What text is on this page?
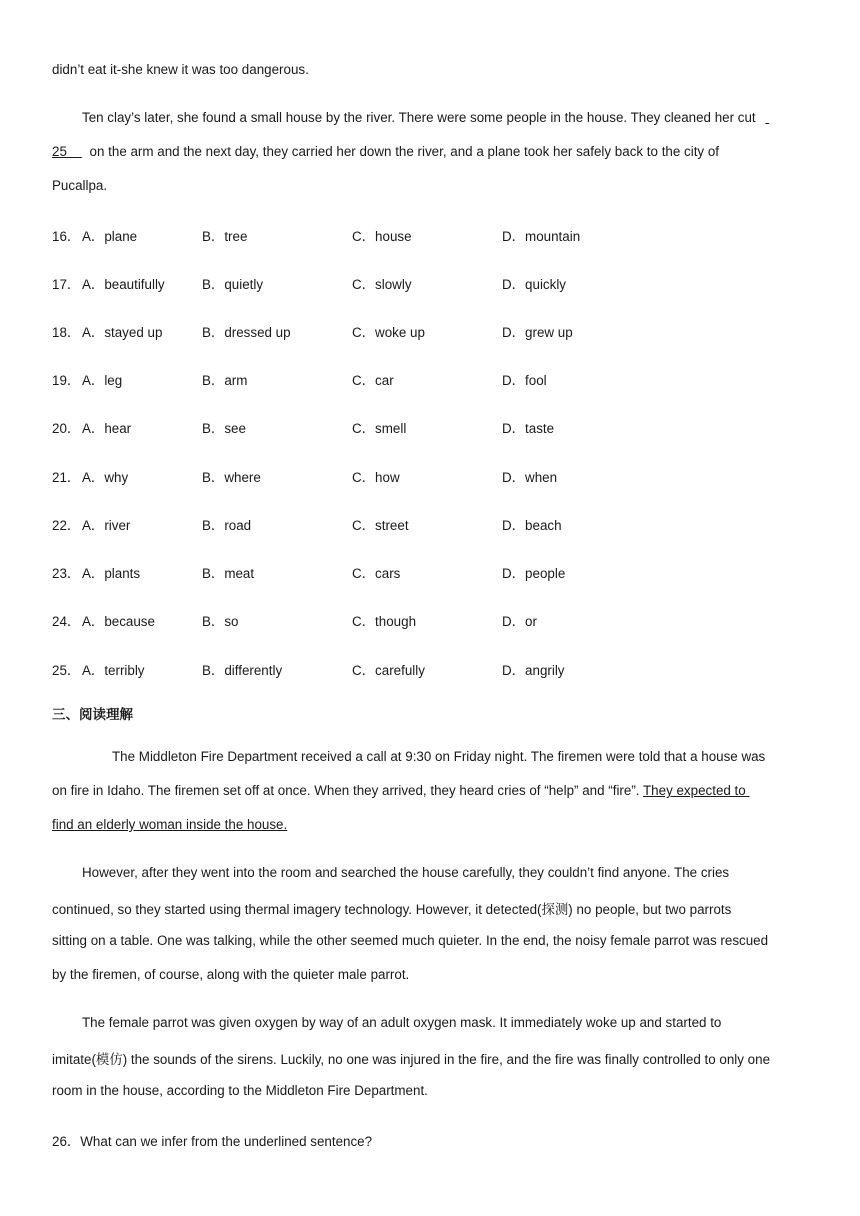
didn’t eat it-she knew it was too dangerous.
Ten clay’s later, she found a small house by the river. There were some people in the house. They cleaned her cut
25 on the arm and the next day, they carried her down the river, and a plane took her safely back to the city of
Pucallpa.
16． A．plane	B．tree	C．house	D．mountain
17． A．beautifully	B．quietly	C．slowly	D．quickly
18． A．stayed up	B．dressed up	C．woke up	D．grew up
19． A．leg	B．arm	C．car	D．fool
20． A．hear	B．see	C．smell	D．taste
21． A．why	B．where	C．how	D．when
22． A．river	B．road	C．street	D．beach
23． A．plants	B．meat	C．cars	D．people
24． A．because	B．so	C．though	D．or
25． A．terribly	B．differently	C．carefully	D．angrily
三、阅读理解
The Middleton Fire Department received a call at 9:30 on Friday night. The firemen were told that a house was
on fire in Idaho. The firemen set off at once. When they arrived, they heard cries of “help” and “fire”. They expected to
find an elderly woman inside the house.
However, after they went into the room and searched the house carefully, they couldn’t find anyone. The cries
continued, so they started using thermal imagery technology. However, it detected(探测) no people, but two parrots
sitting on a table. One was talking, while the other seemed much quieter. In the end, the noisy female parrot was rescued
by the firemen, of course, along with the quieter male parrot.
The female parrot was given oxygen by way of an adult oxygen mask. It immediately woke up and started to
imitate(模仿) the sounds of the sirens. Luckily, no one was injured in the fire, and the fire was finally controlled to only one
room in the house, according to the Middleton Fire Department.
26．What can we infer from the underlined sentence?
